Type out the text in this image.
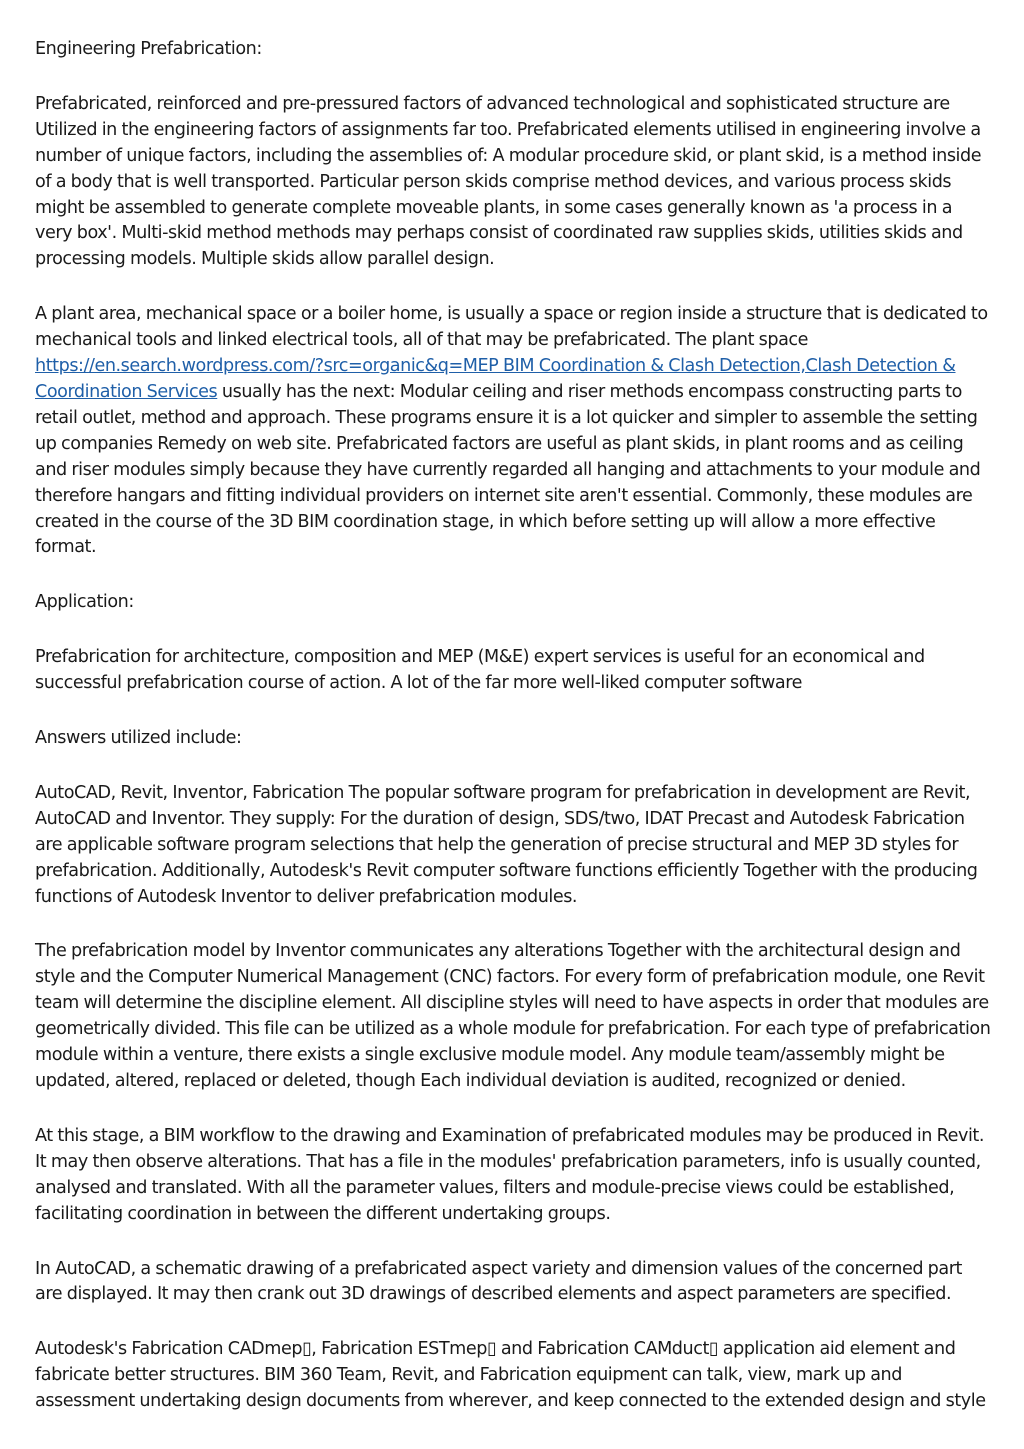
Engineering Prefabrication:

Prefabricated, reinforced and pre-pressured factors of advanced technological and sophisticated structure are Utilized in the engineering factors of assignments far too. Prefabricated elements utilised in engineering involve a number of unique factors, including the assemblies of: A modular procedure skid, or plant skid, is a method inside of a body that is well transported. Particular person skids comprise method devices, and various process skids might be assembled to generate complete moveable plants, in some cases generally known as 'a process in a very box'. Multi-skid method methods may perhaps consist of coordinated raw supplies skids, utilities skids and processing models. Multiple skids allow parallel design.

A plant area, mechanical space or a boiler home, is usually a space or region inside a structure that is dedicated to mechanical tools and linked electrical tools, all of that may be prefabricated. The plant space https://en.search.wordpress.com/?src=organic&q=MEP BIM Coordination & Clash Detection,Clash Detection & Coordination Services usually has the next: Modular ceiling and riser methods encompass constructing parts to retail outlet, method and approach. These programs ensure it is a lot quicker and simpler to assemble the setting up companies Remedy on web site. Prefabricated factors are useful as plant skids, in plant rooms and as ceiling and riser modules simply because they have currently regarded all hanging and attachments to your module and therefore hangars and fitting individual providers on internet site aren't essential. Commonly, these modules are created in the course of the 3D BIM coordination stage, in which before setting up will allow a more effective format.

Application:

Prefabrication for architecture, composition and MEP (M&E) expert services is useful for an economical and successful prefabrication course of action. A lot of the far more well-liked computer software

Answers utilized include:

AutoCAD, Revit, Inventor, Fabrication The popular software program for prefabrication in development are Revit, AutoCAD and Inventor. They supply: For the duration of design, SDS/two, IDAT Precast and Autodesk Fabrication are applicable software program selections that help the generation of precise structural and MEP 3D styles for prefabrication. Additionally, Autodesk's Revit computer software functions efficiently Together with the producing functions of Autodesk Inventor to deliver prefabrication modules.

The prefabrication model by Inventor communicates any alterations Together with the architectural design and style and the Computer Numerical Management (CNC) factors. For every form of prefabrication module, one Revit team will determine the discipline element. All discipline styles will need to have aspects in order that modules are geometrically divided. This file can be utilized as a whole module for prefabrication. For each type of prefabrication module within a venture, there exists a single exclusive module model. Any module team/assembly might be updated, altered, replaced or deleted, though Each individual deviation is audited, recognized or denied.

At this stage, a BIM workflow to the drawing and Examination of prefabricated modules may be produced in Revit. It may then observe alterations. That has a file in the modules' prefabrication parameters, info is usually counted, analysed and translated. With all the parameter values, filters and module-precise views could be established, facilitating coordination in between the different undertaking groups.

In AutoCAD, a schematic drawing of a prefabricated aspect variety and dimension values of the concerned part are displayed. It may then crank out 3D drawings of described elements and aspect parameters are specified.

Autodesk's Fabrication CADmep▯, Fabrication ESTmep▯ and Fabrication CAMduct▯ application aid element and fabricate better structures. BIM 360 Team, Revit, and Fabrication equipment can talk, view, mark up and assessment undertaking design documents from wherever, and keep connected to the extended design and style
